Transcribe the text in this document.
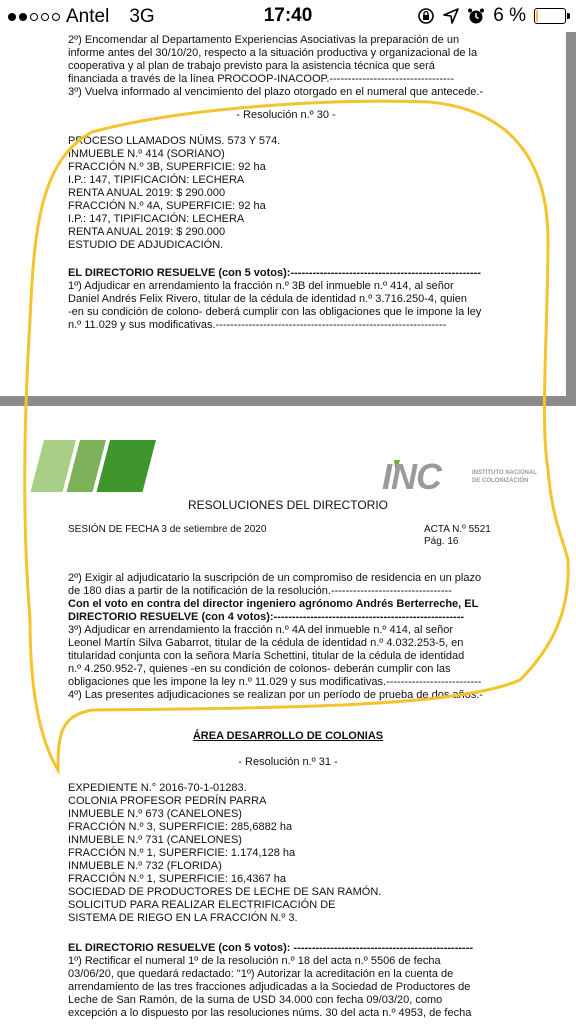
Antel 3G	17:40	6 %
2º) Encomendar al Departamento Experiencias Asociativas la preparación de un
informe antes del 30/10/20, respecto a la situación productiva y organizacional de la
cooperativa y al plan de trabajo previsto para la asistencia técnica que será
financiada a través de la línea PROCOOP-INACOOP.----------------------------------
3º) Vuelva informado al vencimiento del plazo otorgado en el numeral que antecede.-
- Resolución n.º 30 -
PROCESO LLAMADOS NÚMS. 573 Y 574.
INMUEBLE N.º 414 (SORIANO)
FRACCIÓN N.º 3B, SUPERFICIE: 92 ha
I.P.: 147, TIPIFICACIÓN: LECHERA
RENTA ANUAL 2019: $ 290.000
FRACCIÓN N.º 4A, SUPERFICIE: 92 ha
I.P.: 147, TIPIFICACIÓN: LECHERA
RENTA ANUAL 2019: $ 290.000
ESTUDIO DE ADJUDICACIÓN.
EL DIRECTORIO RESUELVE (con 5 votos):----------------------------------------------------
1º) Adjudicar en arrendamiento la fracción n.º 3B del inmueble n.º 414, al señor
Daniel Andrés Felix Rivero, titular de la cédula de identidad n.º 3.716.250-4, quien
-en su condición de colono- deberá cumplir con las obligaciones que le impone la ley
n.º 11.029 y sus modificativas.---------------------------------------------------------------
INC	INSTITUTO NACIONAL
DE COLONIZACIÓN
RESOLUCIONES DEL DIRECTORIO
SESIÓN DE FECHA 3 de setiembre de 2020	ACTA N.º 5521
Pág. 16
2º) Exigir al adjudicatario la suscripción de un compromiso de residencia en un plazo
de 180 días a partir de la notificación de la resolución.---------------------------------
Con el voto en contra del director ingeniero agrónomo Andrés Berterreche, EL
DIRECTORIO RESUELVE (con 4 votos):----------------------------------------------------
3º) Adjudicar en arrendamiento la fracción n.º 4A del inmueble n.º 414, al señor
Leonel Martín Silva Gabarrot, titular de la cédula de identidad n.º 4.032.253-5, en
titularidad conjunta con la señora María Schettini, titular de la cédula de identidad
n.º 4.250.952-7, quienes -en su condición de colonos- deberán cumplir con las
obligaciones que les impone la ley n.º 11.029 y sus modificativas.--------------------------
4º) Las presentes adjudicaciones se realizan por un período de prueba de dos años.-
ÁREA DESARROLLO DE COLONIAS
- Resolución n.º 31 -
EXPEDIENTE N.° 2016-70-1-01283.
COLONIA PROFESOR PEDRÍN PARRA
INMUEBLE N.º 673 (CANELONES)
FRACCIÓN N.º 3, SUPERFICIE: 285,6882 ha
INMUEBLE N.º 731 (CANELONES)
FRACCIÓN N.º 1, SUPERFICIE: 1.174,128 ha
INMUEBLE N.º 732 (FLORIDA)
FRACCIÓN N.º 1, SUPERFICIE: 16,4367 ha
SOCIEDAD DE PRODUCTORES DE LECHE DE SAN RAMÓN.
SOLICITUD PARA REALIZAR ELECTRIFICACIÓN DE
SISTEMA DE RIEGO EN LA FRACCIÓN N.º 3.
EL DIRECTORIO RESUELVE (con 5 votos): -------------------------------------------------
1º) Rectificar el numeral 1º de la resolución n.º 18 del acta n.º 5506 de fecha
03/06/20, que quedará redactado: "1º) Autorizar la acreditación en la cuenta de
arrendamiento de las tres fracciones adjudicadas a la Sociedad de Productores de
Leche de San Ramón, de la suma de USD 34.000 con fecha 09/03/20, como
excepción a lo dispuesto por las resoluciones núms. 30 del acta n.º 4953, de fecha
